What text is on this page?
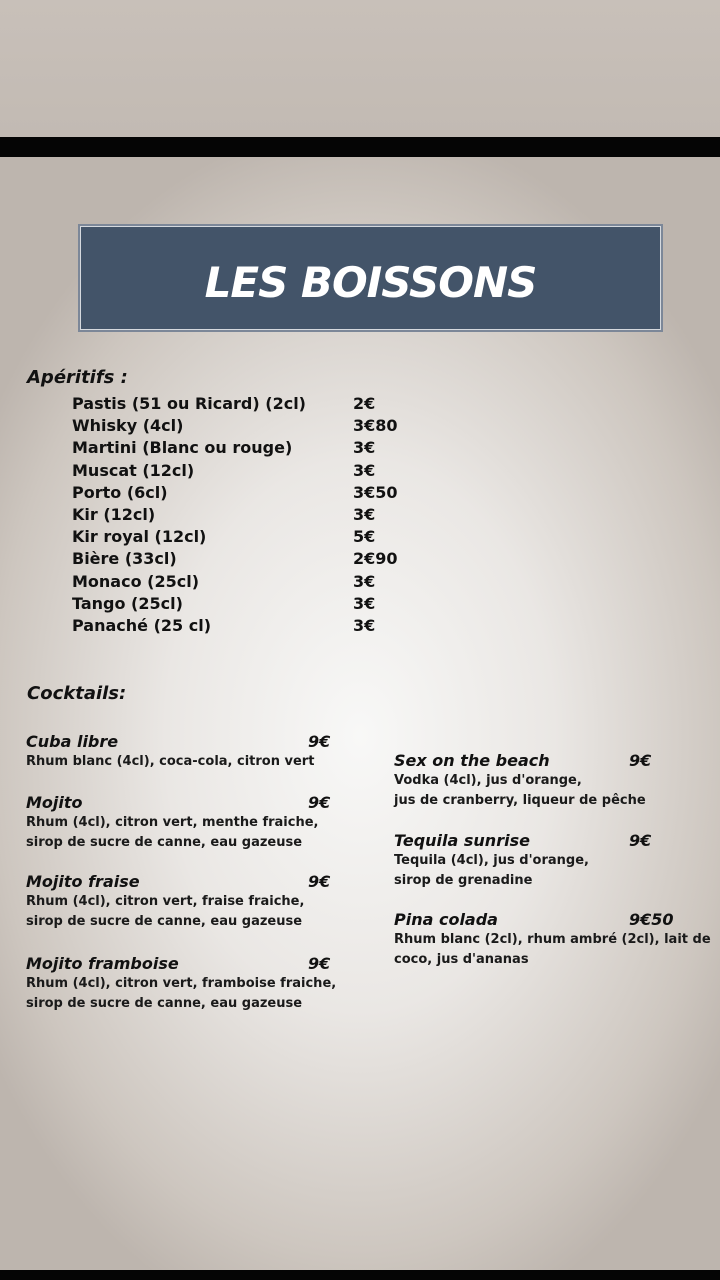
LES BOISSONS
Apéritifs :
Pastis (51 ou Ricard) (2cl)	2€
Whisky (4cl)	3€80
Martini (Blanc ou rouge)	3€
Muscat (12cl)	3€
Porto (6cl)	3€50
Kir (12cl)	3€
Kir royal (12cl)	5€
Bière (33cl)	2€90
Monaco (25cl)	3€
Tango (25cl)	3€
Panaché (25 cl)	3€
Cocktails:
Cuba libre	9€
Rhum blanc (4cl), coca-cola, citron vert
Mojito	9€
Rhum (4cl), citron vert, menthe fraiche,
sirop de sucre de canne, eau gazeuse
Mojito fraise	9€
Rhum (4cl), citron vert, fraise fraiche,
sirop de sucre de canne, eau gazeuse
Mojito framboise	9€
Rhum (4cl), citron vert, framboise fraiche,
sirop de sucre de canne, eau gazeuse
Sex on the beach	9€
Vodka (4cl), jus d'orange,
jus de cranberry, liqueur de pêche
Tequila sunrise	9€
Tequila (4cl), jus d'orange,
sirop de grenadine
Pina colada	9€50
Rhum blanc (2cl), rhum ambré (2cl), lait de
coco, jus d'ananas
